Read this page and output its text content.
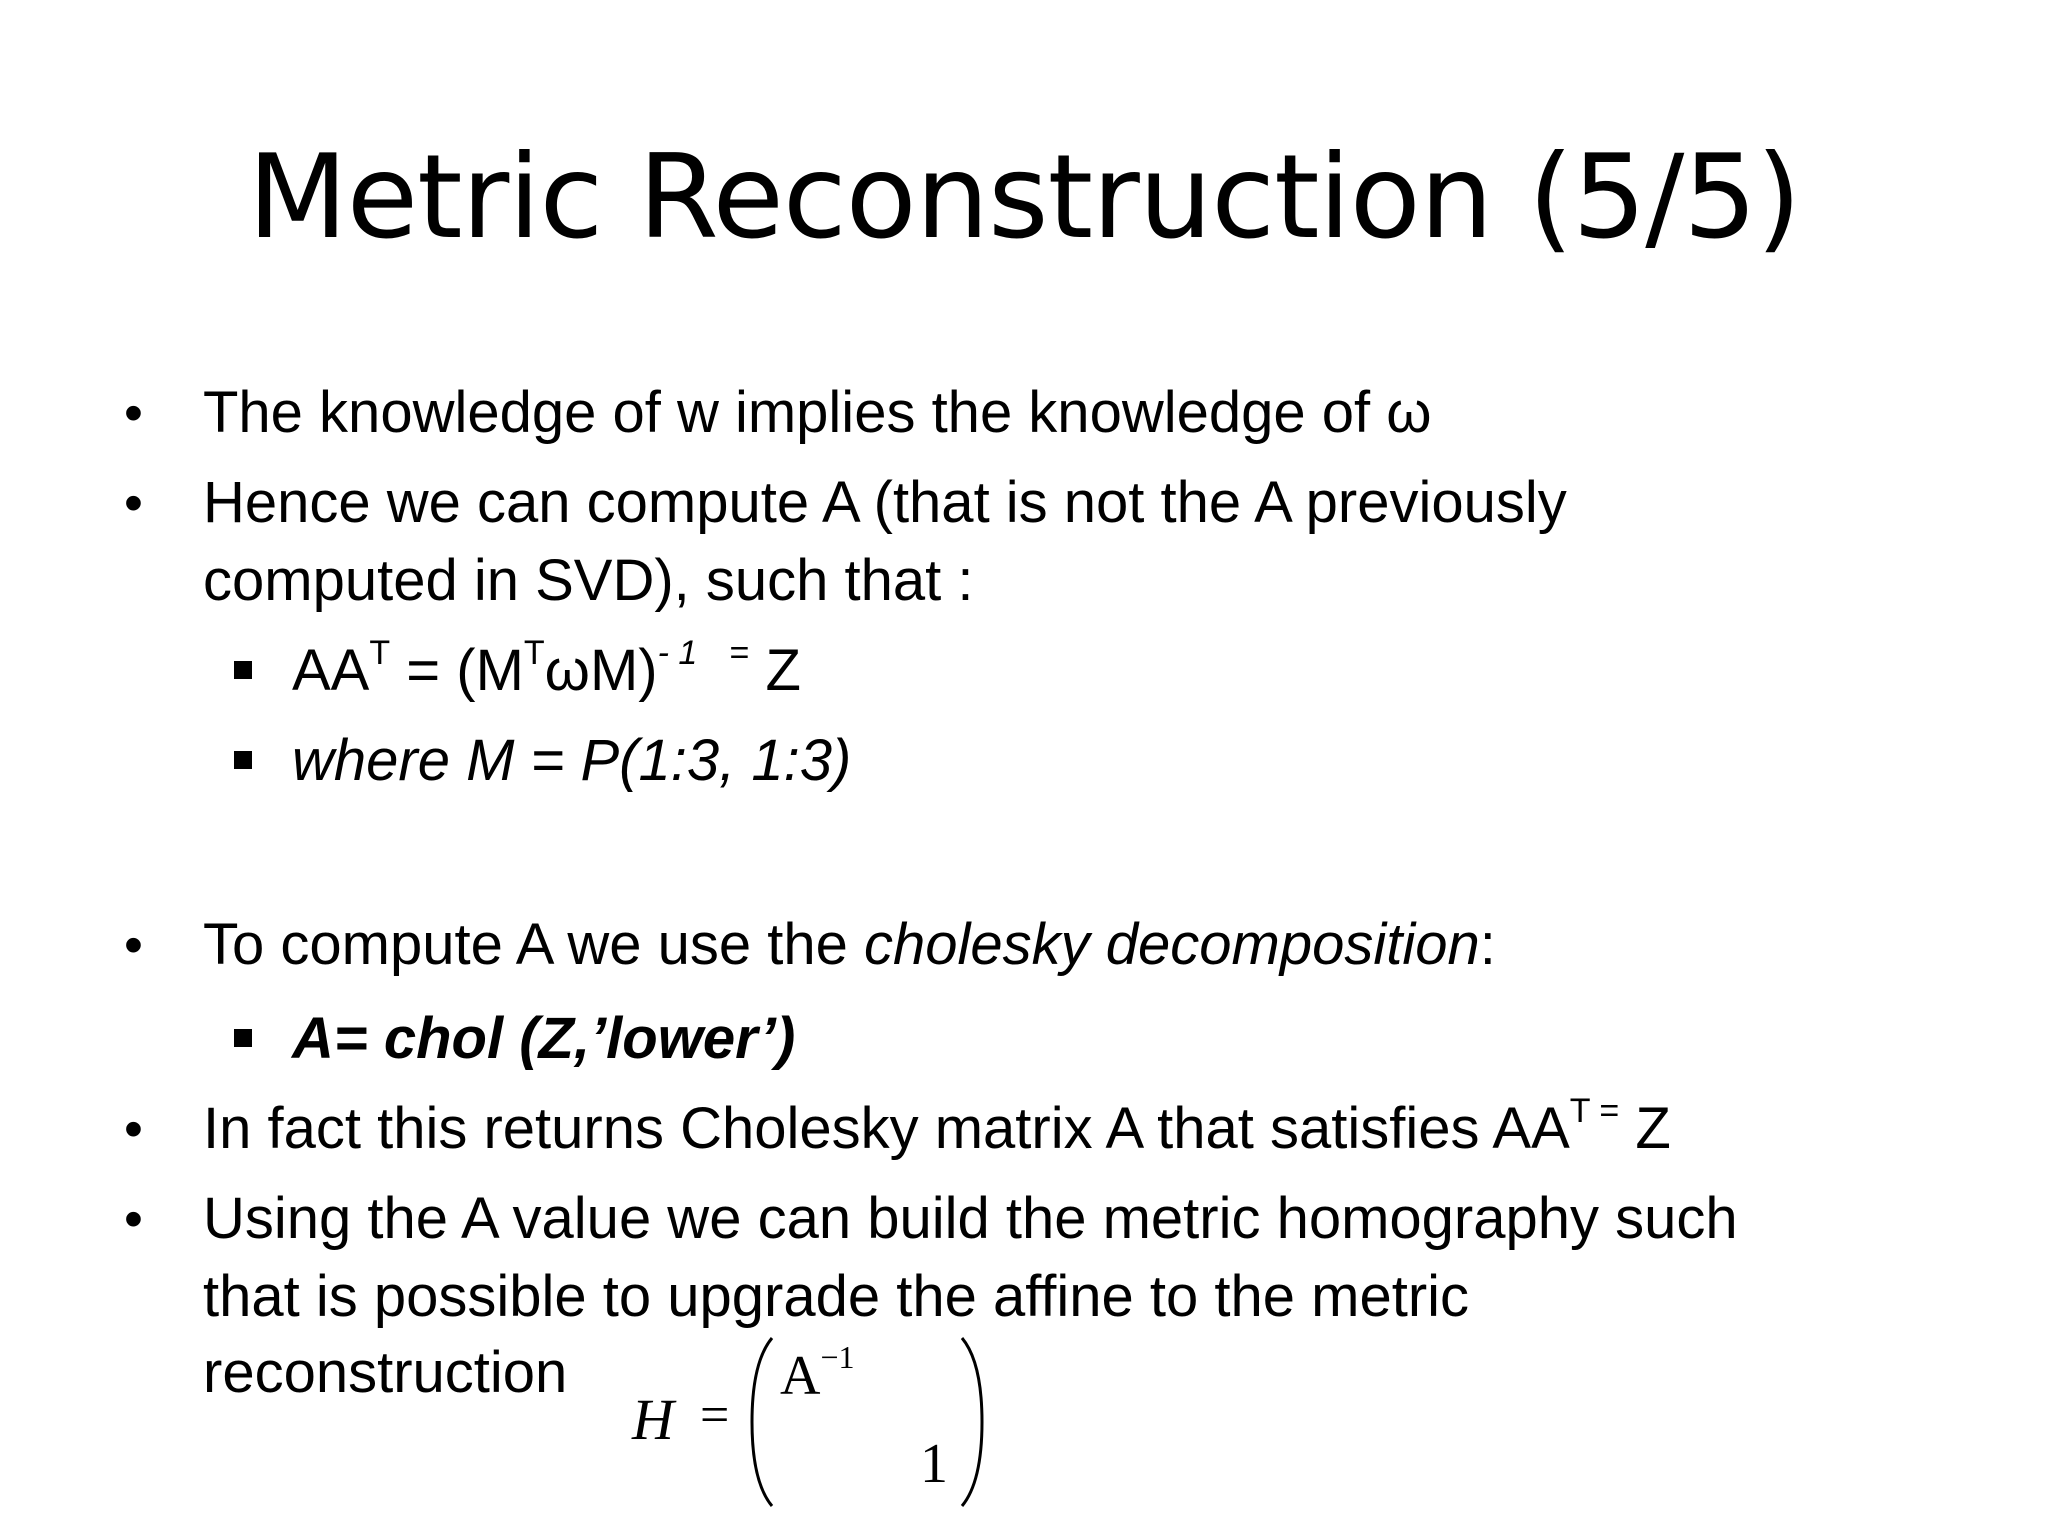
Metric Reconstruction (5/5)
• The knowledge of w implies the knowledge of ω
• Hence we can compute A (that is not the A previously
computed in SVD), such that :
$AA^T = (M^T\omega M)^{- 1}$ = Z
where M = P(1:3, 1:3)
• To compute A we use the cholesky decomposition:
A= chol (Z,’lower’)
• In fact this returns Cholesky matrix A that satisfies $AA^{T =}$ Z
• Using the A value we can build the metric homography such
that is possible to upgrade the affine to the metric
reconstruction
H =
$A^{-1}$
1
